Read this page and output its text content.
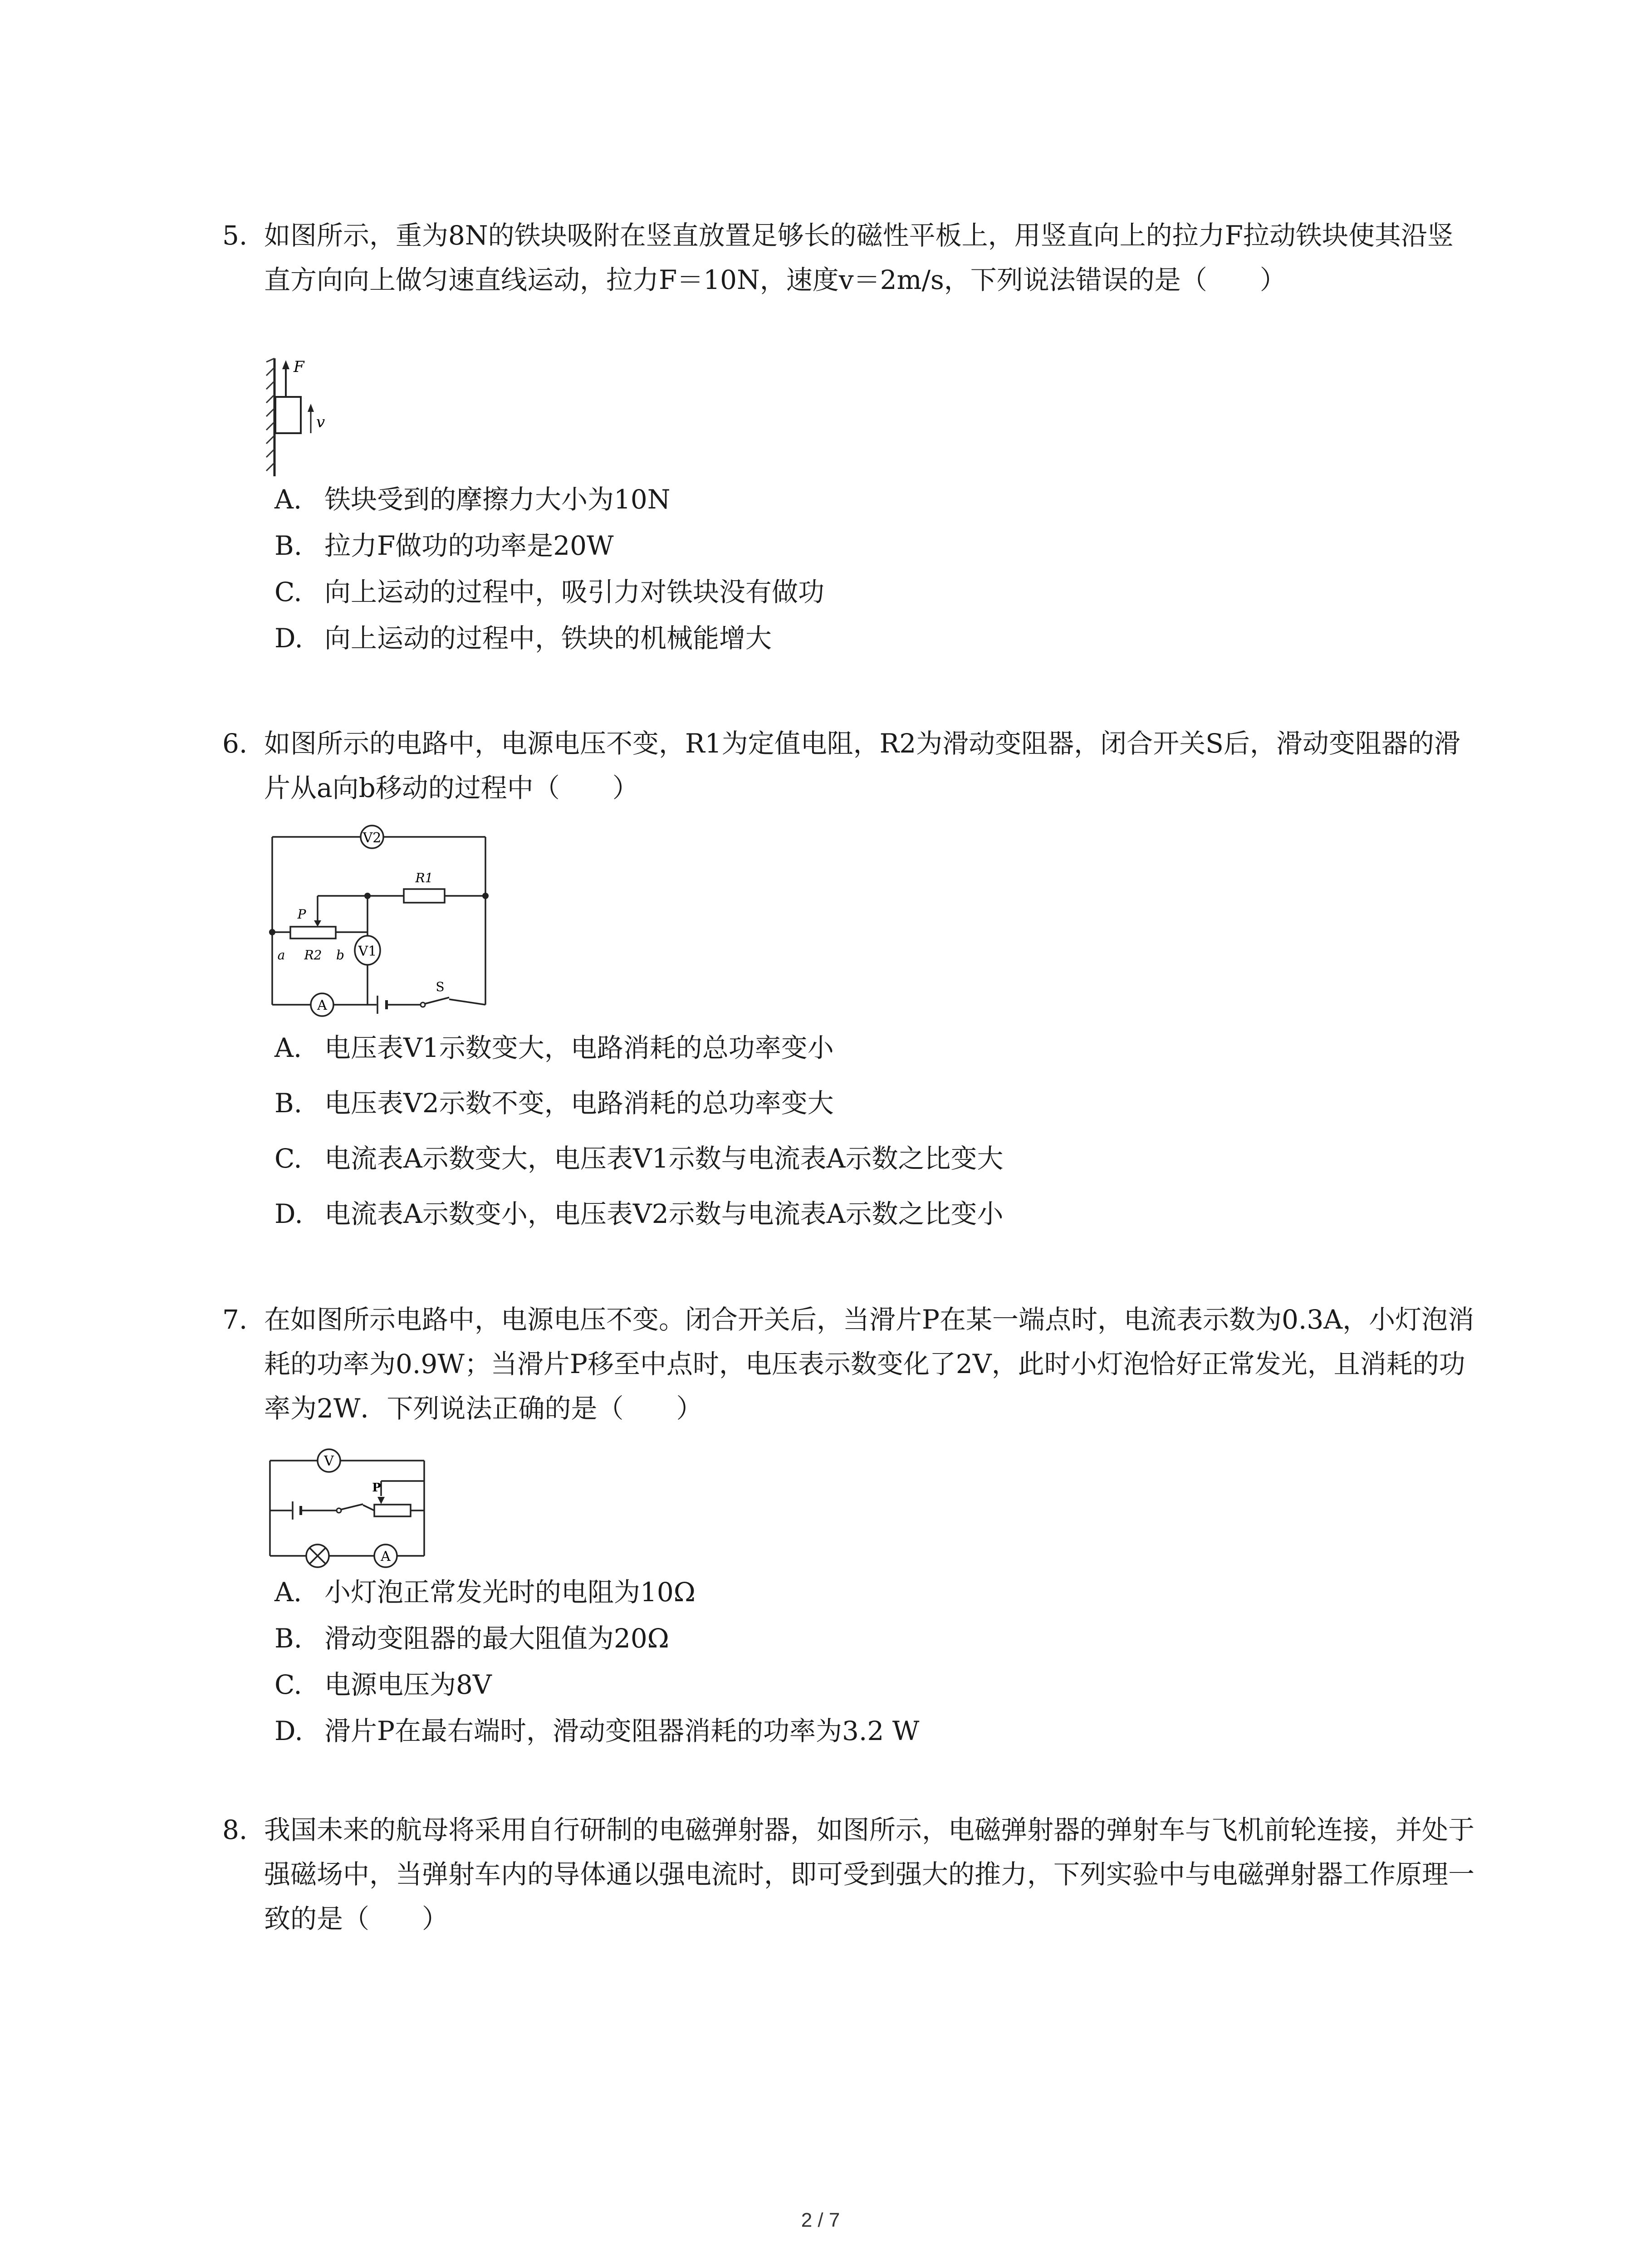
5. 如图所示，重为8N的铁块吸附在竖直放置足够长的磁性平板上，用竖直向上的拉力F拉动铁块使其沿竖直方向向上做匀速直线运动，拉力F＝10N，速度v＝2m/s，下列说法错误的是（　　）
F
v
A. 铁块受到的摩擦力大小为10N
B. 拉力F做功的功率是20W
C. 向上运动的过程中，吸引力对铁块没有做功
D. 向上运动的过程中，铁块的机械能增大
6. 如图所示的电路中，电源电压不变，R1为定值电阻，R2为滑动变阻器，闭合开关S后，滑动变阻器的滑片从a向b移动的过程中（　　）
V2
R1
P
a R2 b V1
S
A
A. 电压表V1示数变大，电路消耗的总功率变小
B. 电压表V2示数不变，电路消耗的总功率变大
C. 电流表A示数变大，电压表V1示数与电流表A示数之比变大
D. 电流表A示数变小，电压表V2示数与电流表A示数之比变小
7. 在如图所示电路中，电源电压不变。闭合开关后，当滑片P在某一端点时，电流表示数为0.3A，小灯泡消耗的功率为0.9W；当滑片P移至中点时，电压表示数变化了2V，此时小灯泡恰好正常发光，且消耗的功率为2W．下列说法正确的是（　　）
V
P
A
A. 小灯泡正常发光时的电阻为10Ω
B. 滑动变阻器的最大阻值为20Ω
C. 电源电压为8V
D. 滑片P在最右端时，滑动变阻器消耗的功率为3.2 W
8. 我国未来的航母将采用自行研制的电磁弹射器，如图所示，电磁弹射器的弹射车与飞机前轮连接，并处于强磁场中，当弹射车内的导体通以强电流时，即可受到强大的推力，下列实验中与电磁弹射器工作原理一致的是（　　）
2 / 7
